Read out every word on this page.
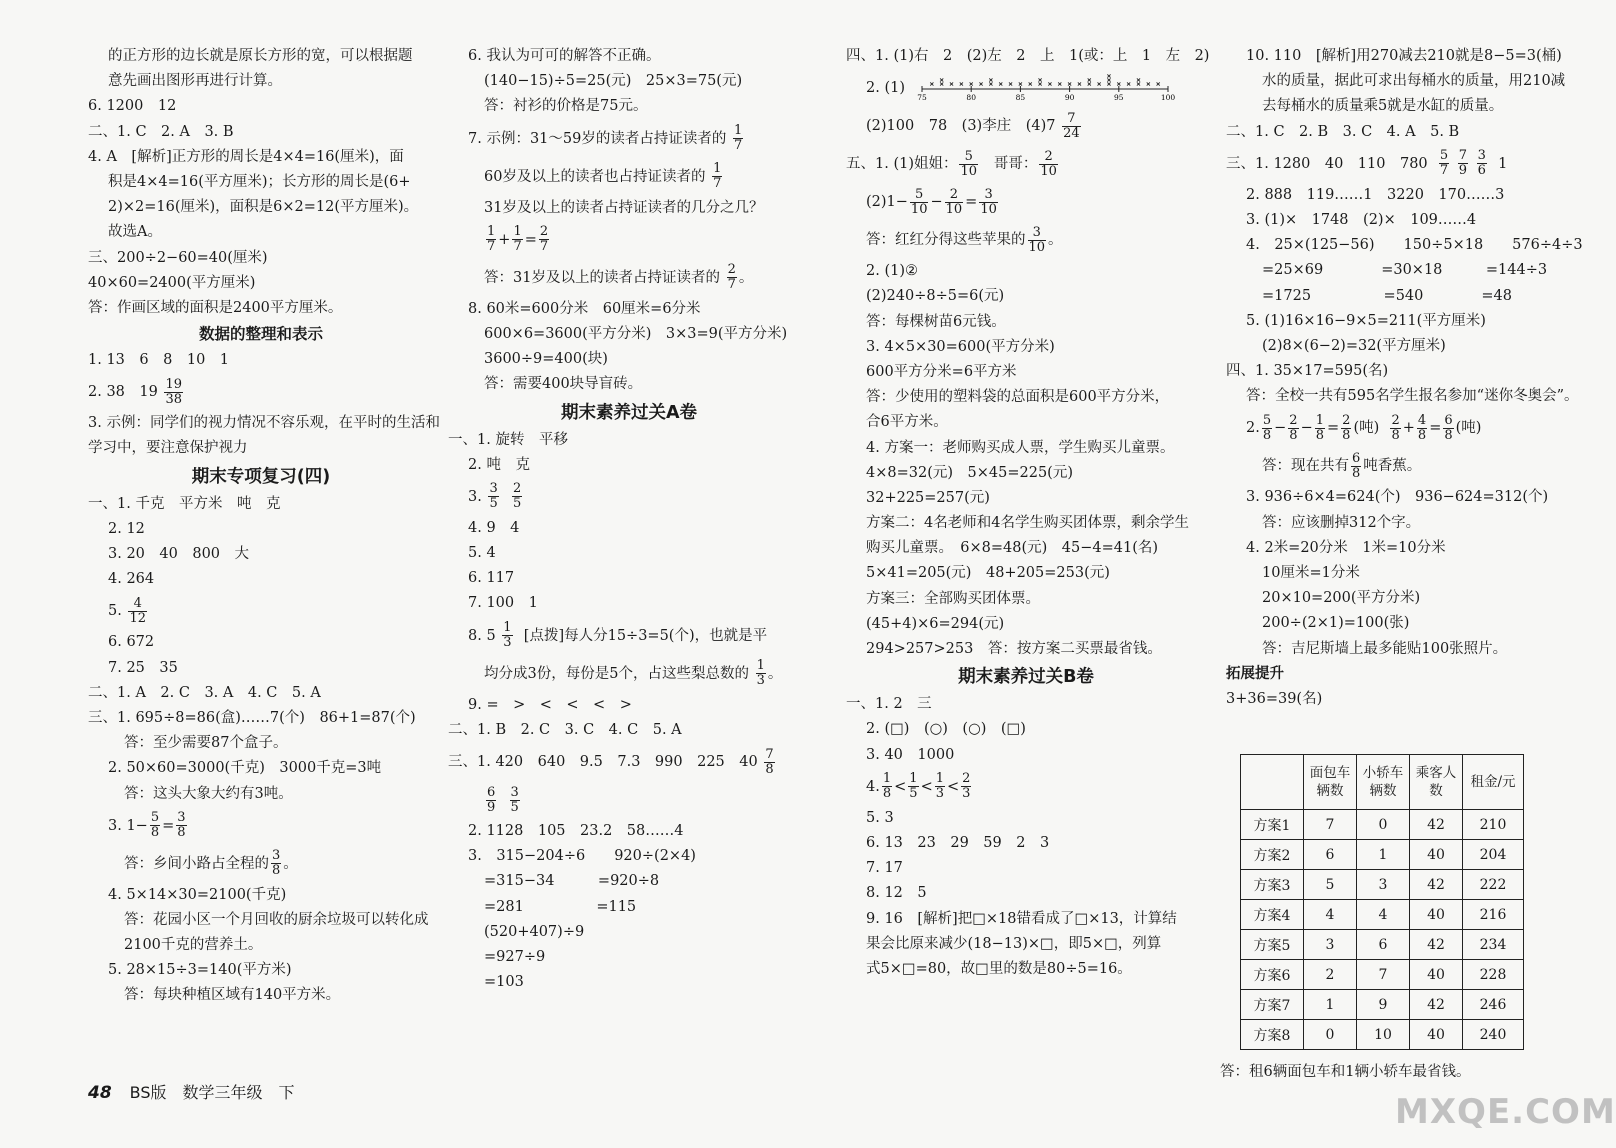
的正方形的边长就是原长方形的宽，可以根据题
意先画出图形再进行计算。
6. 1200　12
二、1. C　2. A　3. B
4. A　[解析]正方形的周长是4×4=16(厘米)，面
积是4×4=16(平方厘米)；长方形的周长是(6+
2)×2=16(厘米)，面积是6×2=12(平方厘米)。
故选A。
三、200÷2−60=40(厘米)
40×60=2400(平方厘米)
答：作画区域的面积是2400平方厘米。
数据的整理和表示
1. 13　6　8　10　1
2. 38　$19 \frac{19}{38}$
3. 示例：同学们的视力情况不容乐观，在平时的生活和
学习中，要注意保护视力
期末专项复习(四)
一、1. 千克　平方米　吨　克
2. 12
3. 20　40　800　大
4. 264
5. $\frac{4}{12}$
6. 672
7. 25　35
二、1. A　2. C　3. A　4. C　5. A
三、1. 695÷8=86(盒)……7(个)　86+1=87(个)
答：至少需要87个盒子。
2. 50×60=3000(千克)　3000千克=3吨
答：这头大象大约有3吨。
3. $1- \frac{5}{8} = \frac{3}{8}$
答：乡间小路占全程的 $\frac{3}{8}$ 。
4. 5×14×30=2100(千克)
答：花园小区一个月回收的厨余垃圾可以转化成
2100千克的营养土。
5. 28×15÷3=140(平方米)
答：每块种植区域有140平方米。
6. 我认为可可的解答不正确。
(140−15)÷5=25(元)　25×3=75(元)
答：衬衫的价格是75元。
7. 示例：31～59岁的读者占持证读者的 $\frac{1}{7}$
60岁及以上的读者也占持证读者的 $\frac{1}{7}$
31岁及以上的读者占持证读者的几分之几？
$\frac{1}{7} + \frac{1}{7} = \frac{2}{7}$
答：31岁及以上的读者占持证读者的 $\frac{2}{7}$ 。
8. 60米=600分米　60厘米=6分米
600×6=3600(平方分米)　3×3=9(平方分米)
3600÷9=400(块)
答：需要400块导盲砖。
期末素养过关A卷
一、1. 旋转　平移
2. 吨　克
3. $\frac{3}{5}$
$\frac{2}{5}$
4. 9　4
5. 4
6. 117
7. 100　1
8. $5 \frac{1}{3}$ [点拨]每人分15÷3=5(个)，也就是平
均分成3份，每份是5个，占这些梨总数的 $\frac{1}{3}$ 。
9. =　>　<　<　<　>
二、1. B　2. C　3. C　4. C　5. A
三、1. 420　640　9.5　7.3　990　225　$40 \frac{7}{8}$
$\frac{6}{9}$
$\frac{3}{5}$
2. 1128　105　23.2　58……4
3.　315−204÷6　　920÷(2×4)
=315−34　　　=920÷8
=281　　　　　=115
(520+407)÷9
=927÷9
=103
四、1. (1)右　2　(2)左　2　上　1(或：上　1　左　2)
2. (1)
75	80	85	90	95	100
(2)100　78　(3)李庄　$(4)7 \frac{7}{24}$
五、1. (1)姐姐： $\frac{5}{10}$ 哥哥： $\frac{2}{10}$
$(2)1- \frac{5}{10} - \frac{2}{10} = \frac{3}{10}$
答：红红分得这些苹果的 $\frac{3}{10}$ 。
2. (1)②
(2)240÷8÷5=6(元)
答：每棵树苗6元钱。
3. 4×5×30=600(平方分米)
600平方分米=6平方米
答：少使用的塑料袋的总面积是600平方分米，
合6平方米。
4. 方案一：老师购买成人票，学生购买儿童票。
4×8=32(元)　5×45=225(元)
32+225=257(元)
方案二：4名老师和4名学生购买团体票，剩余学生
购买儿童票。　6×8=48(元)　45−4=41(名)
5×41=205(元)　48+205=253(元)
方案三：全部购买团体票。
(45+4)×6=294(元)
294>257>253　答：按方案二买票最省钱。
期末素养过关B卷
一、1. 2　三
2. (□)　(○)　(○)　(□)
3. 40　1000
4. $\frac{1}{8} < \frac{1}{5} < \frac{1}{3} < \frac{2}{3}$
5. 3
6. 13　23　29　59　2　3
7. 17
8. 12　5
9. 16　[解析]把□×18错看成了□×13，计算结
果会比原来减少(18−13)×□，即5×□，列算
式5×□=80，故□里的数是80÷5=16。
10. 110　[解析]用270减去210就是8−5=3(桶)
水的质量，据此可求出每桶水的质量，用210减
去每桶水的质量乘5就是水缸的质量。
二、1. C　2. B　3. C　4. A　5. B
三、1. 1280　40　110　$780 \frac{5}{7}$
$\frac{7}{9}$
$\frac{3}{6} 1$
2. 888　119……1　3220　170……3
3. (1)×　1748　(2)×　109……4
4.　25×(125−56)　　150÷5×18　　576÷4÷3
=25×69　　　　=30×18　　　=144÷3
=1725　　　　　=540　　　　=48
5. (1)16×16−9×5=211(平方厘米)
(2)8×(6−2)=32(平方厘米)
四、1. 35×17=595(名)
答：全校一共有595名学生报名参加“迷你冬奥会”。
2. $\frac{5}{8} - \frac{2}{8} - \frac{1}{8} = \frac{2}{8}$ (吨) $\frac{2}{8} + \frac{4}{8} = \frac{6}{8}$ (吨)
答：现在共有 $\frac{6}{8}$ 吨香蕉。
3. 936÷6×4=624(个)　936−624=312(个)
答：应该删掉312个字。
4. 2米=20分米　1米=10分米
10厘米=1分米
20×10=200(平方分米)
200÷(2×1)=100(张)
答：吉尼斯墙上最多能贴100张照片。
拓展提升
3+36=39(名)
	面包车辆数	小轿车辆数	乘客人数	租金/元
方案1	7	0	42	210
方案2	6	1	40	204
方案3	5	3	42	222
方案4	4	4	40	216
方案5	3	6	42	234
方案6	2	7	40	228
方案7	1	9	42	246
方案8	0	10	40	240
答：租6辆面包车和1辆小轿车最省钱。
48 BS版　数学三年级　下	MXQE.COM
